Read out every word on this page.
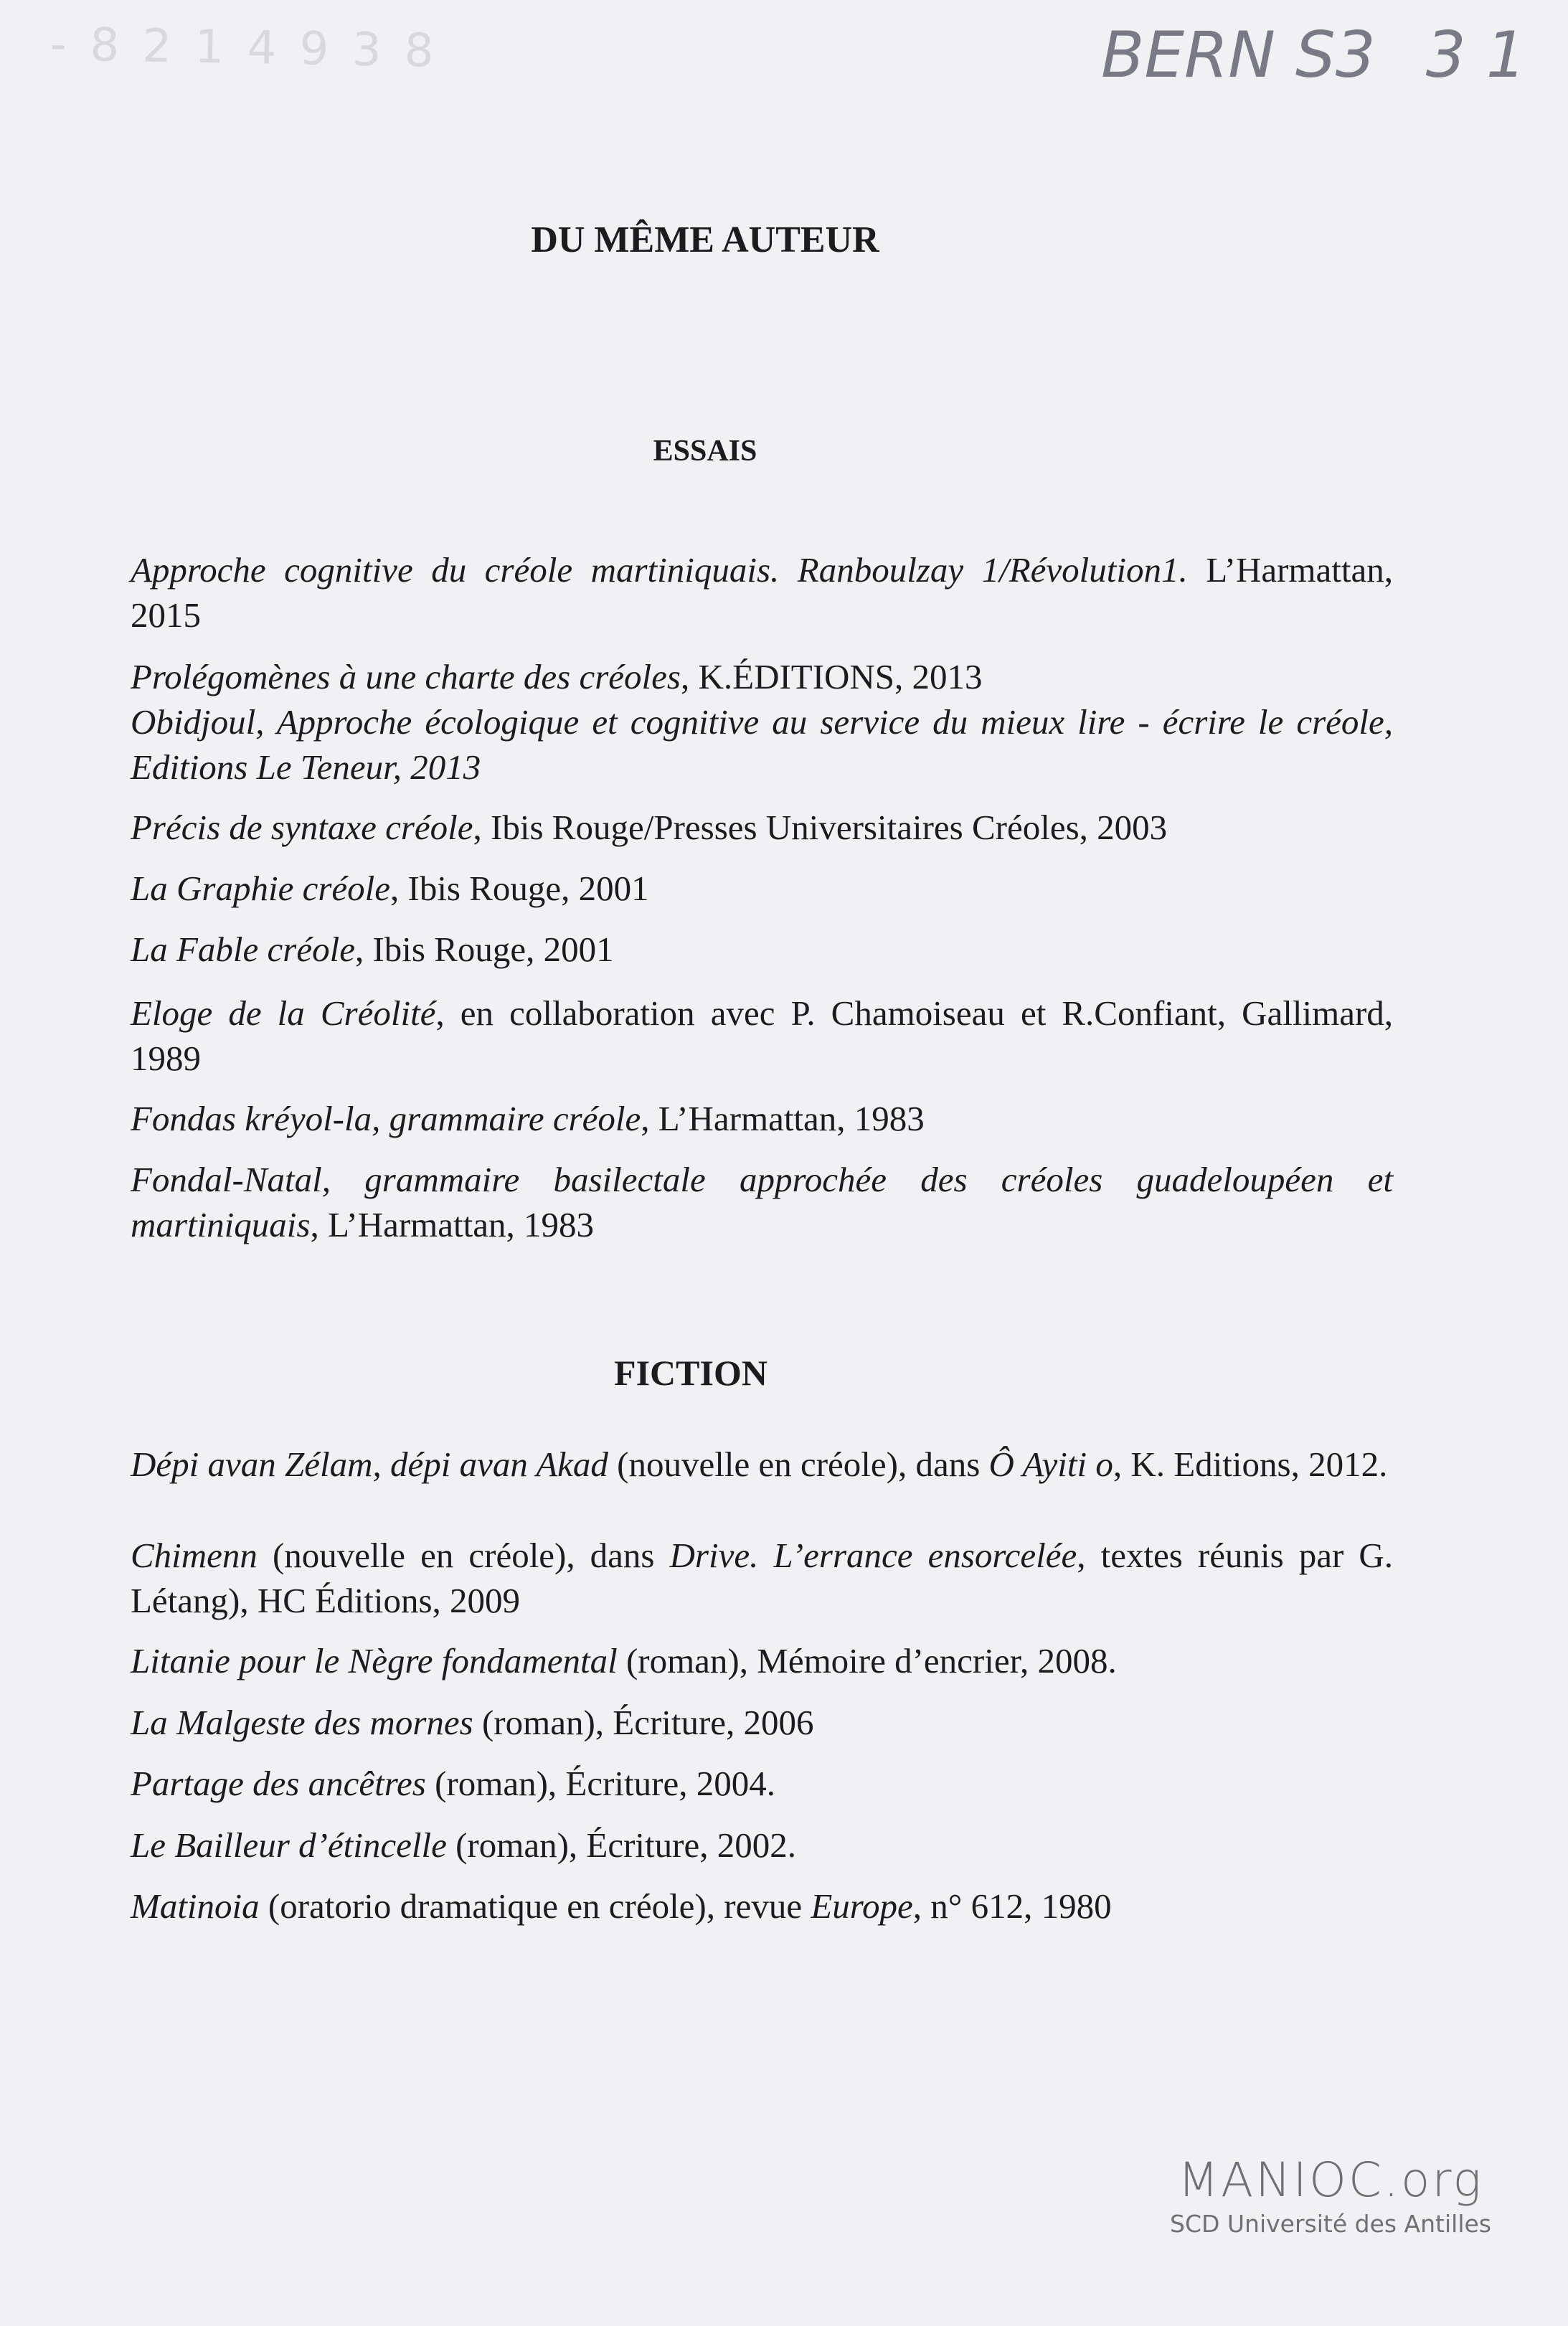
- 8 2 1 4 9 3 8	BERN S3 3 1
DU MÊME AUTEUR
ESSAIS
Approche cognitive du créole martiniquais. Ranboulzay 1/Révolution1. L’Harmattan, 2015
Prolégomènes à une charte des créoles, K.ÉDITIONS, 2013
Obidjoul, Approche écologique et cognitive au service du mieux lire - écrire le créole, Editions Le Teneur, 2013
Précis de syntaxe créole, Ibis Rouge/Presses Universitaires Créoles, 2003
La Graphie créole, Ibis Rouge, 2001
La Fable créole, Ibis Rouge, 2001
Eloge de la Créolité, en collaboration avec P. Chamoiseau et R.Confiant, Gallimard, 1989
Fondas kréyol-la, grammaire créole, L’Harmattan, 1983
Fondal-Natal, grammaire basilectale approchée des créoles guadeloupéen et martiniquais, L’Harmattan, 1983
FICTION
Dépi avan Zélam, dépi avan Akad (nouvelle en créole), dans Ô Ayiti o, K. Editions, 2012.
Chimenn (nouvelle en créole), dans Drive. L’errance ensorcelée, textes réunis par G. Létang), HC Éditions, 2009
Litanie pour le Nègre fondamental (roman), Mémoire d’encrier, 2008.
La Malgeste des mornes (roman), Écriture, 2006
Partage des ancêtres (roman), Écriture, 2004.
Le Bailleur d’étincelle (roman), Écriture, 2002.
Matinoia (oratorio dramatique en créole), revue Europe, n° 612, 1980
MANIOC.org
SCD Université des Antilles
